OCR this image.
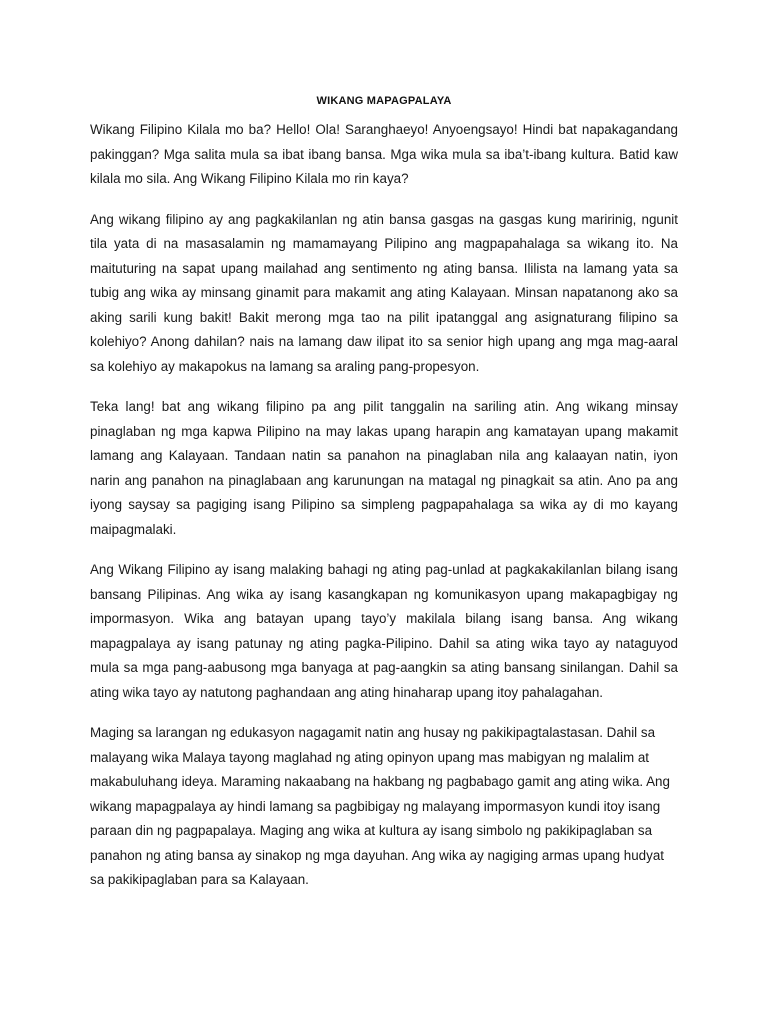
WIKANG MAPAGPALAYA

Wikang Filipino Kilala mo ba? Hello! Ola! Saranghaeyo! Anyoengsayo! Hindi bat napakagandang pakinggan? Mga salita mula sa ibat ibang bansa. Mga wika mula sa iba’t-ibang kultura. Batid kaw kilala mo sila. Ang Wikang Filipino Kilala mo rin kaya?

Ang wikang filipino ay ang pagkakilanlan ng atin bansa gasgas na gasgas kung maririnig, ngunit tila yata di na masasalamin ng mamamayang Pilipino ang magpapahalaga sa wikang ito. Na maituturing na sapat upang mailahad ang sentimento ng ating bansa. Ililista na lamang yata sa tubig ang wika ay minsang ginamit para makamit ang ating Kalayaan. Minsan napatanong ako sa aking sarili kung bakit! Bakit merong mga tao na pilit ipatanggal ang asignaturang filipino sa kolehiyo? Anong dahilan? nais na lamang daw ilipat ito sa senior high upang ang mga mag-aaral sa kolehiyo ay makapokus na lamang sa araling pang-propesyon.

Teka lang! bat ang wikang filipino pa ang pilit tanggalin na sariling atin. Ang wikang minsay pinaglaban ng mga kapwa Pilipino na may lakas upang harapin ang kamatayan upang makamit lamang ang Kalayaan. Tandaan natin sa panahon na pinaglaban nila ang kalaayan natin, iyon narin ang panahon na pinaglabaan ang karunungan na matagal ng pinagkait sa atin. Ano pa ang iyong saysay sa pagiging isang Pilipino sa simpleng pagpapahalaga sa wika ay di mo kayang maipagmalaki.

Ang Wikang Filipino ay isang malaking bahagi ng ating pag-unlad at pagkakakilanlan bilang isang bansang Pilipinas. Ang wika ay isang kasangkapan ng komunikasyon upang makapagbigay ng impormasyon. Wika ang batayan upang tayo’y makilala bilang isang bansa. Ang wikang mapagpalaya ay isang patunay ng ating pagka-Pilipino. Dahil sa ating wika tayo ay nataguyod mula sa mga pang-aabusong mga banyaga at pag-aangkin sa ating bansang sinilangan. Dahil sa ating wika tayo ay natutong paghandaan ang ating hinaharap upang itoy pahalagahan.

Maging sa larangan ng edukasyon nagagamit natin ang husay ng pakikipagtalastasan. Dahil sa malayang wika Malaya tayong maglahad ng ating opinyon upang mas mabigyan ng malalim at makabuluhang ideya. Maraming nakaabang na hakbang ng pagbabago gamit ang ating wika. Ang wikang mapagpalaya ay hindi lamang sa pagbibigay ng malayang impormasyon kundi itoy isang paraan din ng pagpapalaya. Maging ang wika at kultura ay isang simbolo ng pakikipaglaban sa panahon ng ating bansa ay sinakop ng mga dayuhan. Ang wika ay nagiging armas upang hudyat sa pakikipaglaban para sa Kalayaan.
